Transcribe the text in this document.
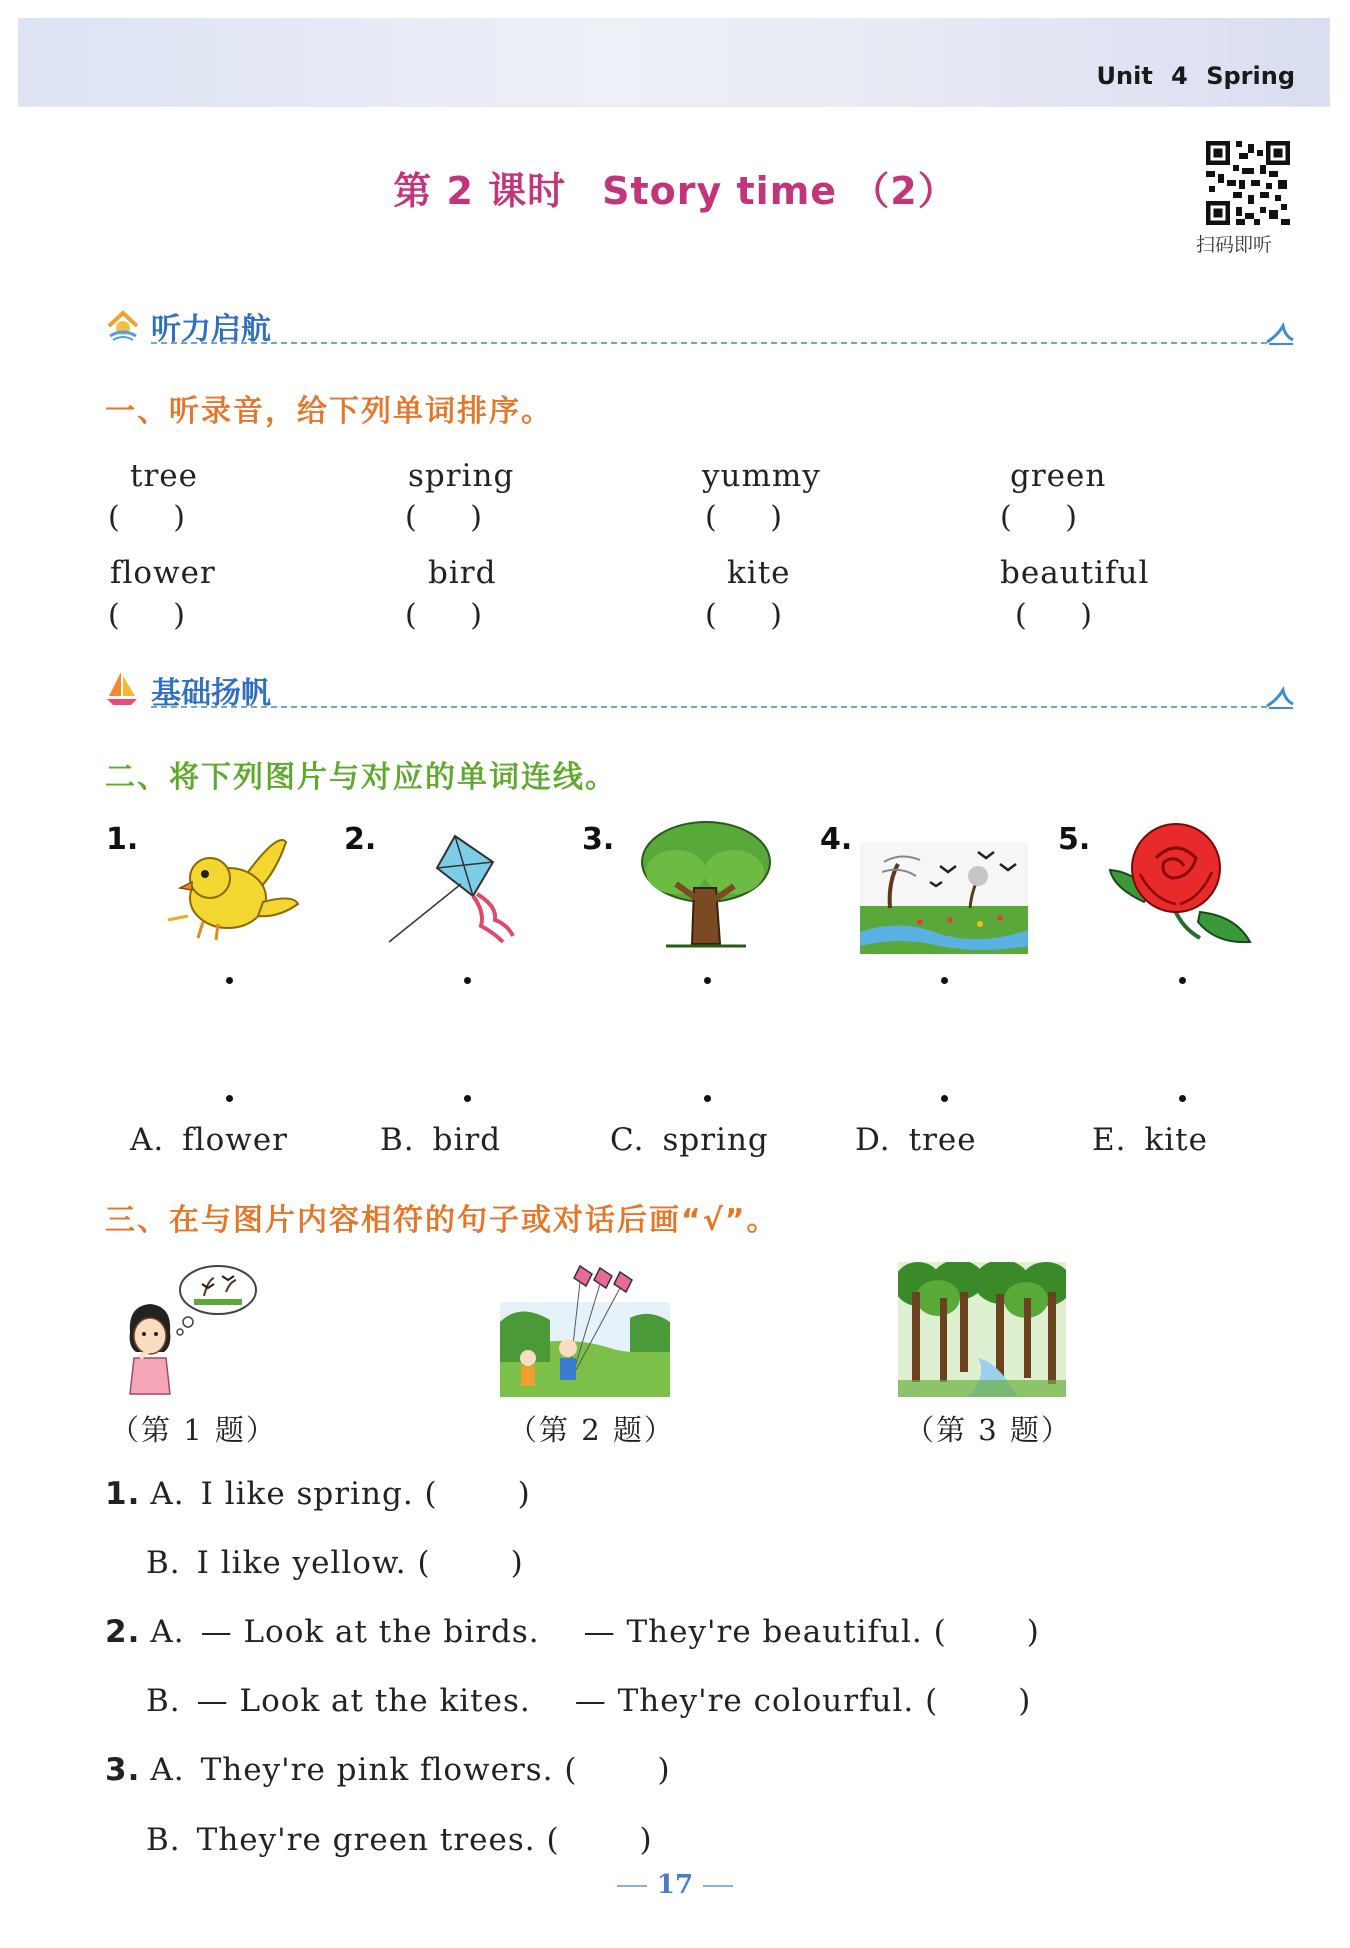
Unit 4 Spring
第 2 课时 Story time （2）
扫码即听
听力启航
一、听录音，给下列单词排序。
tree	spring	yummy	green
( )	( )	( )	( )
flower	bird	kite	beautiful
( )	( )	( )	( )
基础扬帆
二、将下列图片与对应的单词连线。
1.	2.	3.	4.	5.
A. flower	B. bird	C. spring	D. tree	E. kite
三、在与图片内容相符的句子或对话后画“√”。
（第 1 题）	（第 2 题）	（第 3 题）
1. A. I like spring. (	)
B. I like yellow. (	)
2. A. — Look at the birds. — They're beautiful. (	)
B. — Look at the kites. — They're colourful. (	)
3. A. They're pink flowers. (	)
B. They're green trees. (	)
17
